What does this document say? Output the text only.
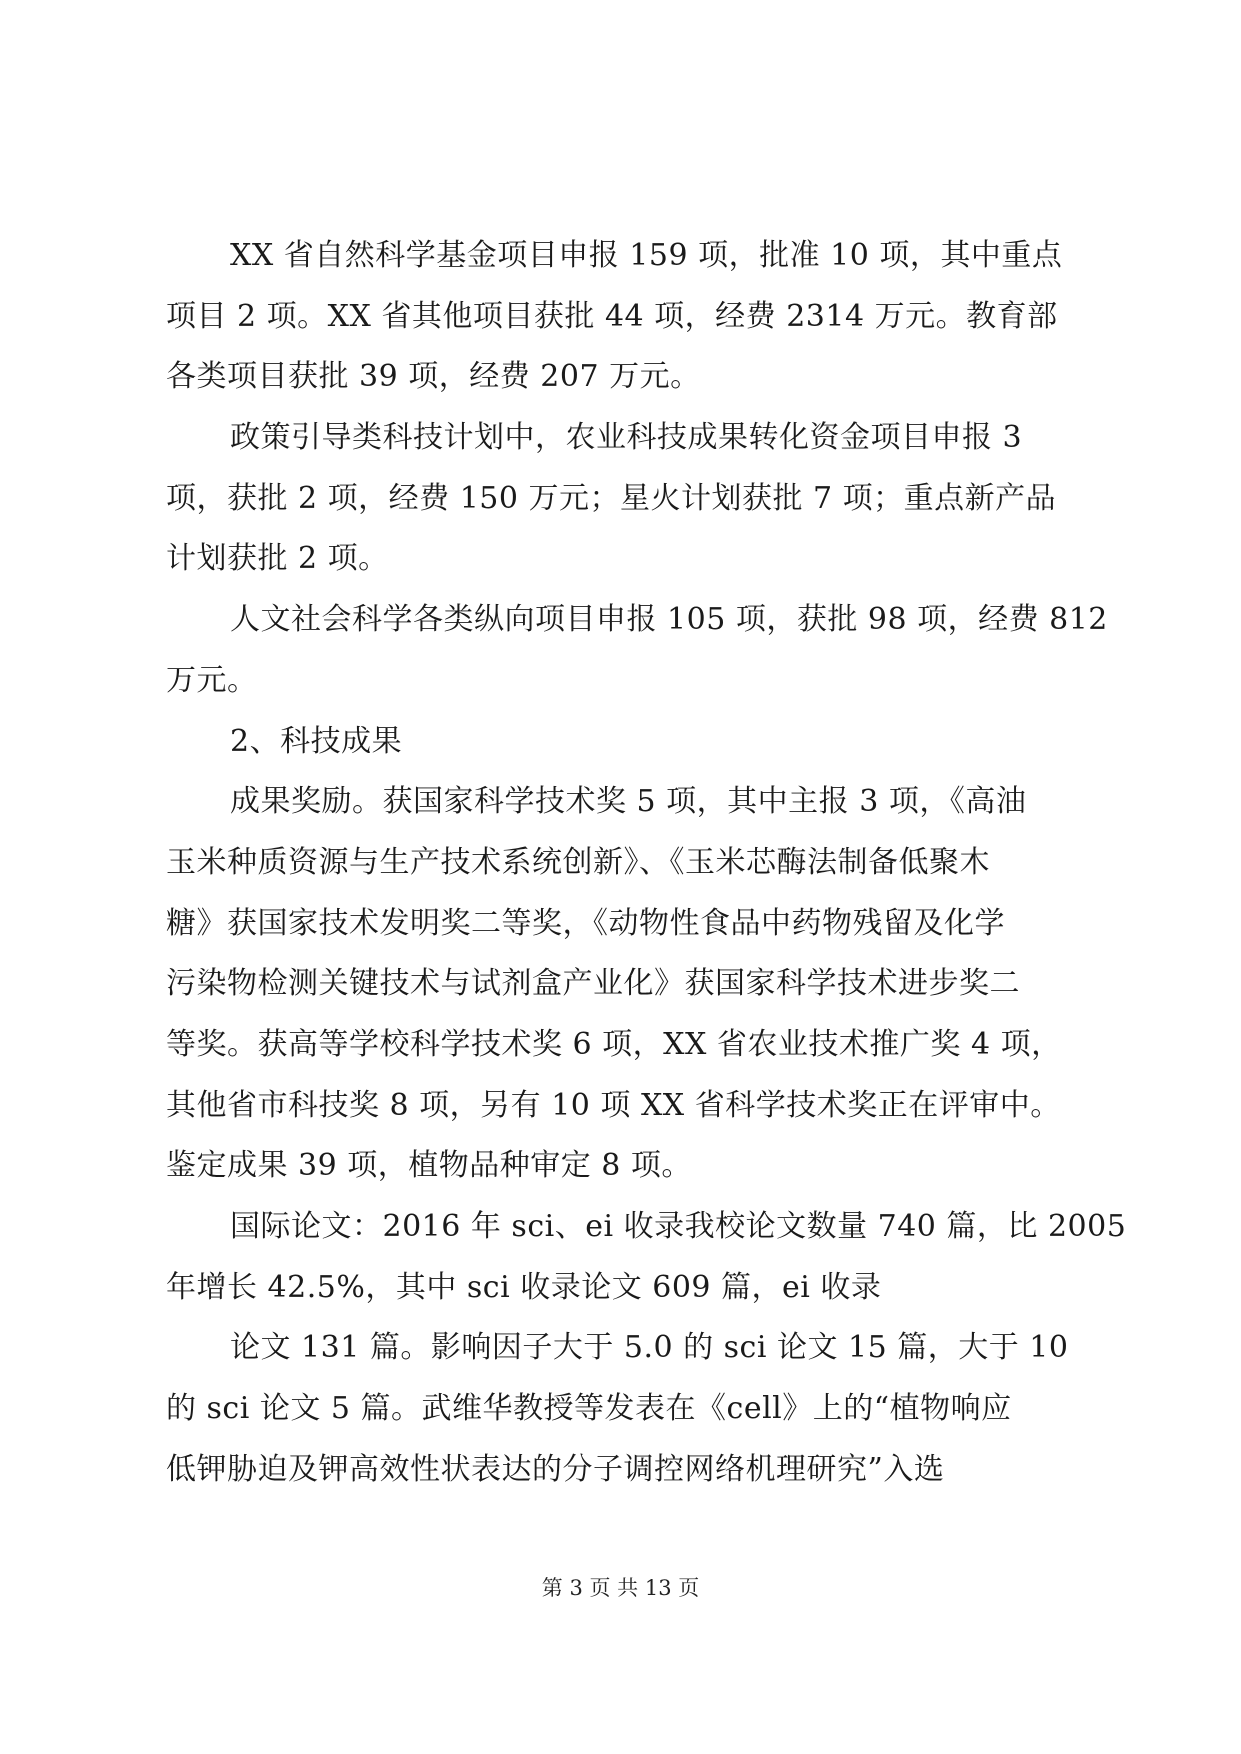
XX 省自然科学基金项目申报 159 项，批准 10 项，其中重点
项目 2 项。XX 省其他项目获批 44 项，经费 2314 万元。教育部
各类项目获批 39 项，经费 207 万元。
政策引导类科技计划中，农业科技成果转化资金项目申报 3
项，获批 2 项，经费 150 万元；星火计划获批 7 项；重点新产品
计划获批 2 项。
人文社会科学各类纵向项目申报 105 项，获批 98 项，经费 812
万元。
2、科技成果
成果奖励。获国家科学技术奖 5 项，其中主报 3 项，《高油
玉米种质资源与生产技术系统创新》、《玉米芯酶法制备低聚木
糖》获国家技术发明奖二等奖，《动物性食品中药物残留及化学
污染物检测关键技术与试剂盒产业化》获国家科学技术进步奖二
等奖。获高等学校科学技术奖 6 项，XX 省农业技术推广奖 4 项，
其他省市科技奖 8 项，另有 10 项 XX 省科学技术奖正在评审中。
鉴定成果 39 项，植物品种审定 8 项。
国际论文：2016 年 sci、ei 收录我校论文数量 740 篇，比 2005
年增长 42.5%，其中 sci 收录论文 609 篇，ei 收录
论文 131 篇。影响因子大于 5.0 的 sci 论文 15 篇，大于 10
的 sci 论文 5 篇。武维华教授等发表在《cell》上的“植物响应
低钾胁迫及钾高效性状表达的分子调控网络机理研究”入选
第 3 页 共 13 页
